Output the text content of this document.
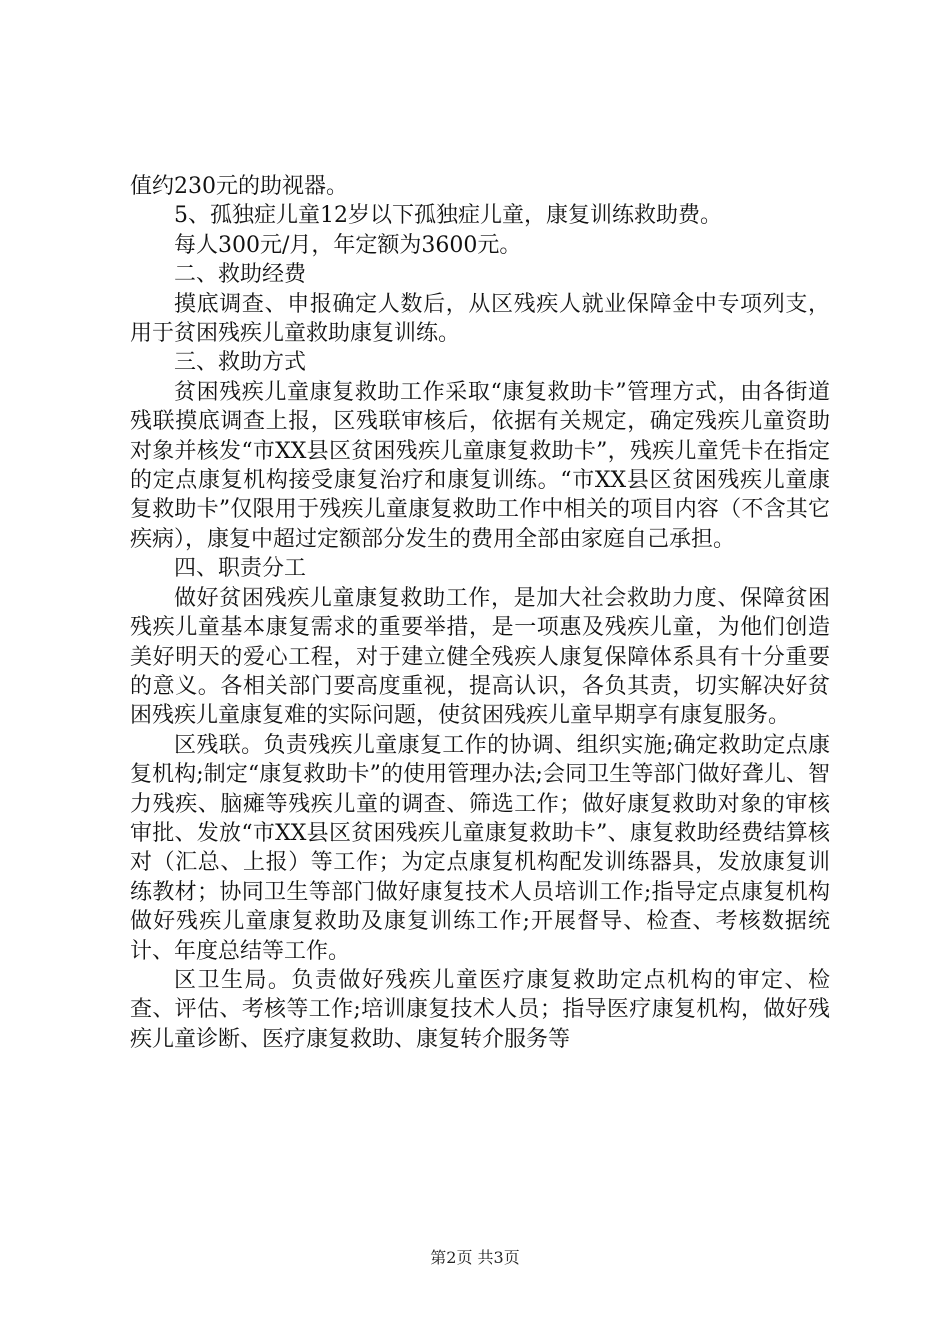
值约230元的助视器。

5、孤独症儿童12岁以下孤独症儿童，康复训练救助费。

每人300元/月，年定额为3600元。

二、救助经费

摸底调查、申报确定人数后，从区残疾人就业保障金中专项列支，用于贫困残疾儿童救助康复训练。

三、救助方式

贫困残疾儿童康复救助工作采取“康复救助卡”管理方式，由各街道残联摸底调查上报，区残联审核后，依据有关规定，确定残疾儿童资助对象并核发“市XX县区贫困残疾儿童康复救助卡”，残疾儿童凭卡在指定的定点康复机构接受康复治疗和康复训练。“市XX县区贫困残疾儿童康复救助卡”仅限用于残疾儿童康复救助工作中相关的项目内容（不含其它疾病），康复中超过定额部分发生的费用全部由家庭自己承担。

四、职责分工

做好贫困残疾儿童康复救助工作，是加大社会救助力度、保障贫困残疾儿童基本康复需求的重要举措，是一项惠及残疾儿童，为他们创造美好明天的爱心工程，对于建立健全残疾人康复保障体系具有十分重要的意义。各相关部门要高度重视，提高认识，各负其责，切实解决好贫困残疾儿童康复难的实际问题，使贫困残疾儿童早期享有康复服务。

区残联。负责残疾儿童康复工作的协调、组织实施;确定救助定点康复机构;制定“康复救助卡”的使用管理办法;会同卫生等部门做好聋儿、智力残疾、脑瘫等残疾儿童的调查、筛选工作；做好康复救助对象的审核审批、发放“市XX县区贫困残疾儿童康复救助卡”、康复救助经费结算核对（汇总、上报）等工作；为定点康复机构配发训练器具，发放康复训练教材；协同卫生等部门做好康复技术人员培训工作;指导定点康复机构做好残疾儿童康复救助及康复训练工作;开展督导、检查、考核数据统计、年度总结等工作。

区卫生局。负责做好残疾儿童医疗康复救助定点机构的审定、检查、评估、考核等工作;培训康复技术人员；指导医疗康复机构，做好残疾儿童诊断、医疗康复救助、康复转介服务等

第2页 共3页
